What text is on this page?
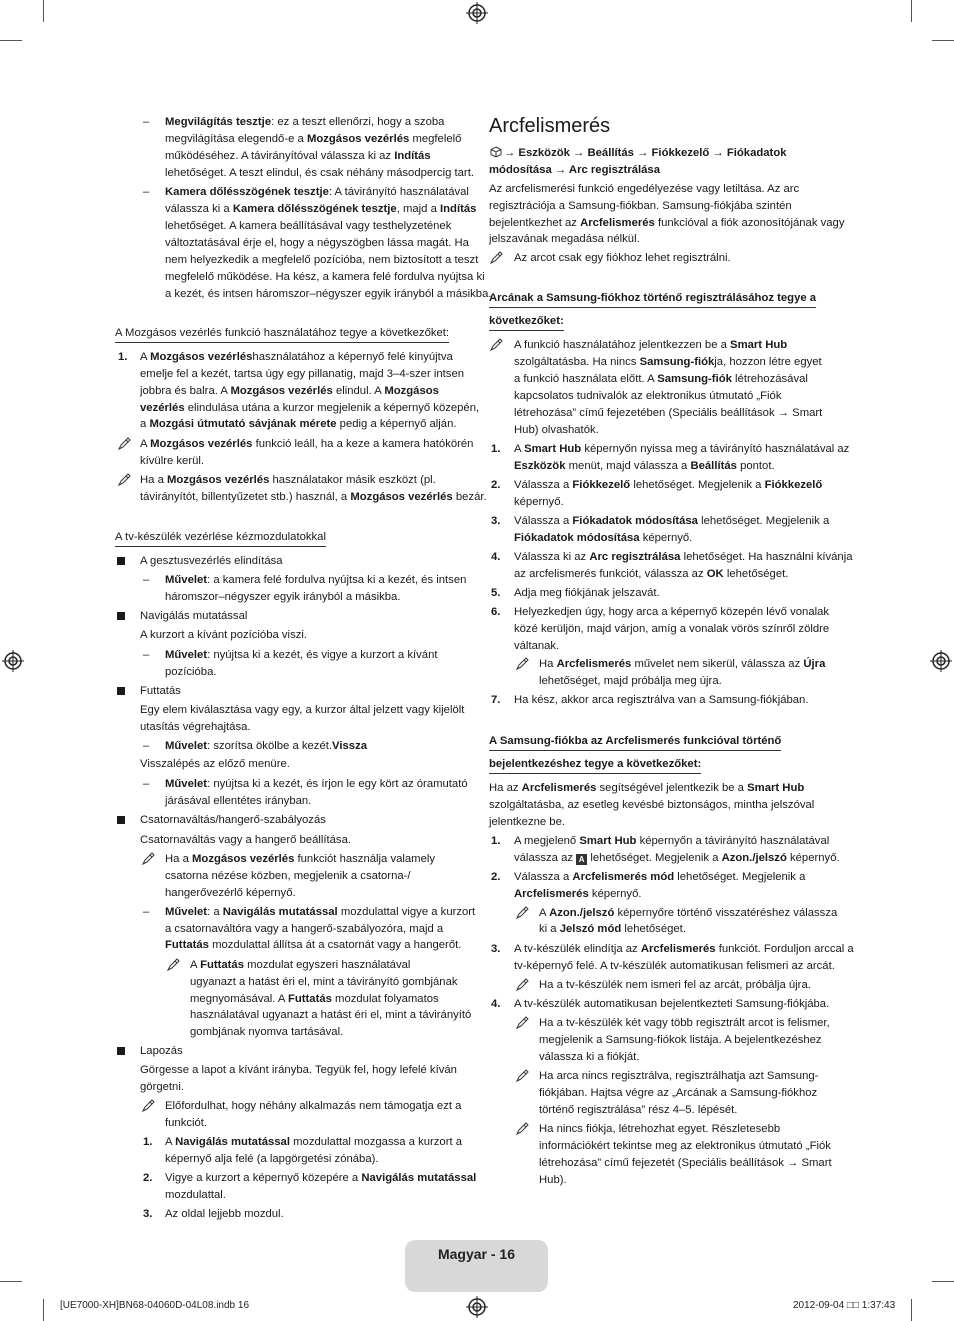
– Megvilágítás tesztje: ez a teszt ellenőrzi, hogy a szoba
megvilágítása elegendő-e a Mozgásos vezérlés megfelelő
működéséhez. A távirányítóval válassza ki az Indítás
lehetőséget. A teszt elindul, és csak néhány másodpercig tart.
– Kamera dőlésszögének tesztje: A távirányító használatával
válassza ki a Kamera dőlésszögének tesztje, majd a Indítás
lehetőséget. A kamera beállításával vagy testhelyzetének
változtatásával érje el, hogy a négyszögben lássa magát. Ha
nem helyezkedik a megfelelő pozícióba, nem biztosított a teszt
megfelelő működése. Ha kész, a kamera felé fordulva nyújtsa ki
a kezét, és intsen háromszor–négyszer egyik irányból a másikba.
A Mozgásos vezérlés funkció használatához tegye a következőket:
1. A Mozgásos vezérléshasználatához a képernyő felé kinyújtva
emelje fel a kezét, tartsa úgy egy pillanatig, majd 3–4-szer intsen
jobbra és balra. A Mozgásos vezérlés elindul. A Mozgásos
vezérlés elindulása utána a kurzor megjelenik a képernyő közepén,
a Mozgási útmutató sávjának mérete pedig a képernyő alján.
A Mozgásos vezérlés funkció leáll, ha a keze a kamera hatókörén
kívülre kerül.
Ha a Mozgásos vezérlés használatakor másik eszközt (pl.
távirányítót, billentyűzetet stb.) használ, a Mozgásos vezérlés bezár.
A tv-készülék vezérlése kézmozdulatokkal
A gesztusvezérlés elindítása
– Művelet: a kamera felé fordulva nyújtsa ki a kezét, és intsen
háromszor–négyszer egyik irányból a másikba.
Navigálás mutatással
A kurzort a kívánt pozícióba viszi.
– Művelet: nyújtsa ki a kezét, és vigye a kurzort a kívánt
pozícióba.
Futtatás
Egy elem kiválasztása vagy egy, a kurzor által jelzett vagy kijelölt
utasítás végrehajtása.
– Művelet: szorítsa ökölbe a kezét.Vissza
Visszalépés az előző menüre.
– Művelet: nyújtsa ki a kezét, és írjon le egy kört az óramutató
járásával ellentétes irányban.
Csatornaváltás/hangerő-szabályozás
Csatornaváltás vagy a hangerő beállítása.
Ha a Mozgásos vezérlés funkciót használja valamely
csatorna nézése közben, megjelenik a csatorna-/
hangerővezérlő képernyő.
– Művelet: a Navigálás mutatással mozdulattal vigye a kurzort
a csatornaváltóra vagy a hangerő-szabályozóra, majd a
Futtatás mozdulattal állítsa át a csatornát vagy a hangerőt.
A Futtatás mozdulat egyszeri használatával
ugyanazt a hatást éri el, mint a távirányító gombjának
megnyomásával. A Futtatás mozdulat folyamatos
használatával ugyanazt a hatást éri el, mint a távirányító
gombjának nyomva tartásával.
Lapozás
Görgesse a lapot a kívánt irányba. Tegyük fel, hogy lefelé kíván
görgetni.
Előfordulhat, hogy néhány alkalmazás nem támogatja ezt a
funkciót.
1. A Navigálás mutatással mozdulattal mozgassa a kurzort a
képernyő alja felé (a lapgörgetési zónába).
2. Vigye a kurzort a képernyő közepére a Navigálás mutatással
mozdulattal.
3. Az oldal lejjebb mozdul.
Arcfelismerés
→ Eszközök → Beállítás → Fiókkezelő → Fiókadatok
módosítása → Arc regisztrálása
Az arcfelismerési funkció engedélyezése vagy letiltása. Az arc
regisztrációja a Samsung-fiókban. Samsung-fiókjába szintén
bejelentkezhet az Arcfelismerés funkcióval a fiók azonosítójának vagy
jelszavának megadása nélkül.
Az arcot csak egy fiókhoz lehet regisztrálni.
Arcának a Samsung-fiókhoz történő regisztrálásához tegye a
következőket:
A funkció használatához jelentkezzen be a Smart Hub
szolgáltatásba. Ha nincs Samsung-fiókja, hozzon létre egyet
a funkció használata előtt. A Samsung-fiók létrehozásával
kapcsolatos tudnivalók az elektronikus útmutató „Fiók
létrehozása” című fejezetében (Speciális beállítások → Smart
Hub) olvashatók.
1. A Smart Hub képernyőn nyissa meg a távirányító használatával az
Eszközök menüt, majd válassza a Beállítás pontot.
2. Válassza a Fiókkezelő lehetőséget. Megjelenik a Fiókkezelő
képernyő.
3. Válassza a Fiókadatok módosítása lehetőséget. Megjelenik a
Fiókadatok módosítása képernyő.
4. Válassza ki az Arc regisztrálása lehetőséget. Ha használni kívánja
az arcfelismerés funkciót, válassza az OK lehetőséget.
5. Adja meg fiókjának jelszavát.
6. Helyezkedjen úgy, hogy arca a képernyő közepén lévő vonalak
közé kerüljön, majd várjon, amíg a vonalak vörös színről zöldre
váltanak.
Ha Arcfelismerés művelet nem sikerül, válassza az Újra
lehetőséget, majd próbálja meg újra.
7. Ha kész, akkor arca regisztrálva van a Samsung-fiókjában.
A Samsung-fiókba az Arcfelismerés funkcióval történő
bejelentkezéshez tegye a következőket:
Ha az Arcfelismerés segítségével jelentkezik be a Smart Hub
szolgáltatásba, az esetleg kevésbé biztonságos, mintha jelszóval
jelentkezne be.
1. A megjelenő Smart Hub képernyőn a távirányító használatával
válassza az A lehetőséget. Megjelenik a Azon./jelszó képernyő.
2. Válassza a Arcfelismerés mód lehetőséget. Megjelenik a
Arcfelismerés képernyő.
A Azon./jelszó képernyőre történő visszatéréshez válassza
ki a Jelszó mód lehetőséget.
3. A tv-készülék elindítja az Arcfelismerés funkciót. Forduljon arccal a
tv-képernyő felé. A tv-készülék automatikusan felismeri az arcát.
Ha a tv-készülék nem ismeri fel az arcát, próbálja újra.
4. A tv-készülék automatikusan bejelentkezteti Samsung-fiókjába.
Ha a tv-készülék két vagy több regisztrált arcot is felismer,
megjelenik a Samsung-fiókok listája. A bejelentkezéshez
válassza ki a fiókját.
Ha arca nincs regisztrálva, regisztrálhatja azt Samsung-
fiókjában. Hajtsa végre az „Arcának a Samsung-fiókhoz
történő regisztrálása” rész 4–5. lépését.
Ha nincs fiókja, létrehozhat egyet. Részletesebb
információkért tekintse meg az elektronikus útmutató „Fiók
létrehozása” című fejezetét (Speciális beállítások → Smart
Hub).
Magyar - 16
[UE7000-XH]BN68-04060D-04L08.indb 16	2012-09-04 □□ 1:37:43
